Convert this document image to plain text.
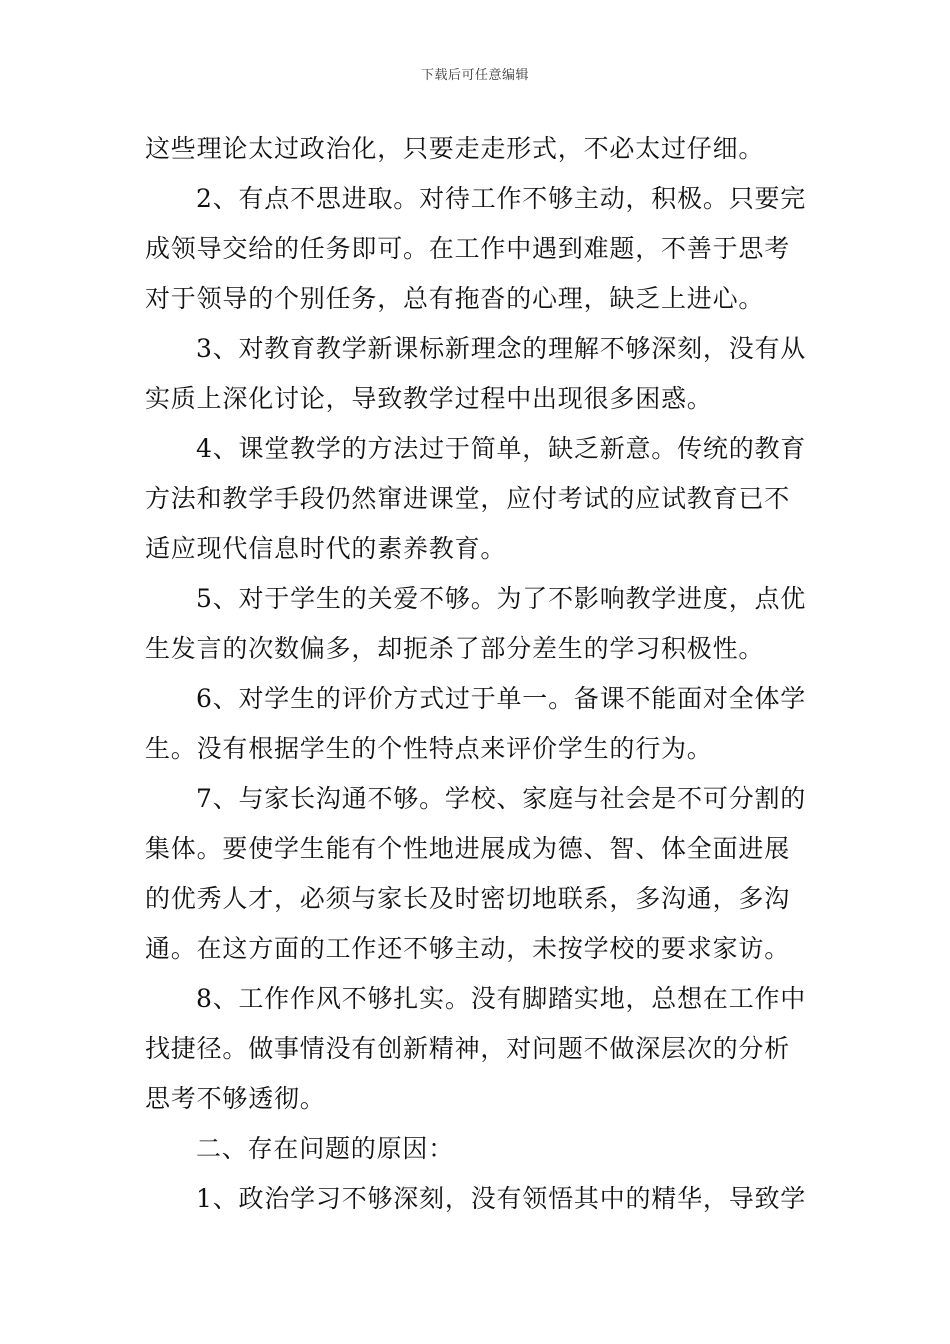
下载后可任意编辑
这些理论太过政治化，只要走走形式，不必太过仔细。
2、有点不思进取。对待工作不够主动，积极。只要完
成领导交给的任务即可。在工作中遇到难题，不善于思考
对于领导的个别任务，总有拖沓的心理，缺乏上进心。
3、对教育教学新课标新理念的理解不够深刻，没有从
实质上深化讨论，导致教学过程中出现很多困惑。
4、课堂教学的方法过于简单，缺乏新意。传统的教育
方法和教学手段仍然窜进课堂，应付考试的应试教育已不
适应现代信息时代的素养教育。
5、对于学生的关爱不够。为了不影响教学进度，点优
生发言的次数偏多，却扼杀了部分差生的学习积极性。
6、对学生的评价方式过于单一。备课不能面对全体学
生。没有根据学生的个性特点来评价学生的行为。
7、与家长沟通不够。学校、家庭与社会是不可分割的
集体。要使学生能有个性地进展成为德、智、体全面进展
的优秀人才，必须与家长及时密切地联系，多沟通，多沟
通。在这方面的工作还不够主动，未按学校的要求家访。
8、工作作风不够扎实。没有脚踏实地，总想在工作中
找捷径。做事情没有创新精神，对问题不做深层次的分析
思考不够透彻。
二、存在问题的原因：
1、政治学习不够深刻，没有领悟其中的精华，导致学
